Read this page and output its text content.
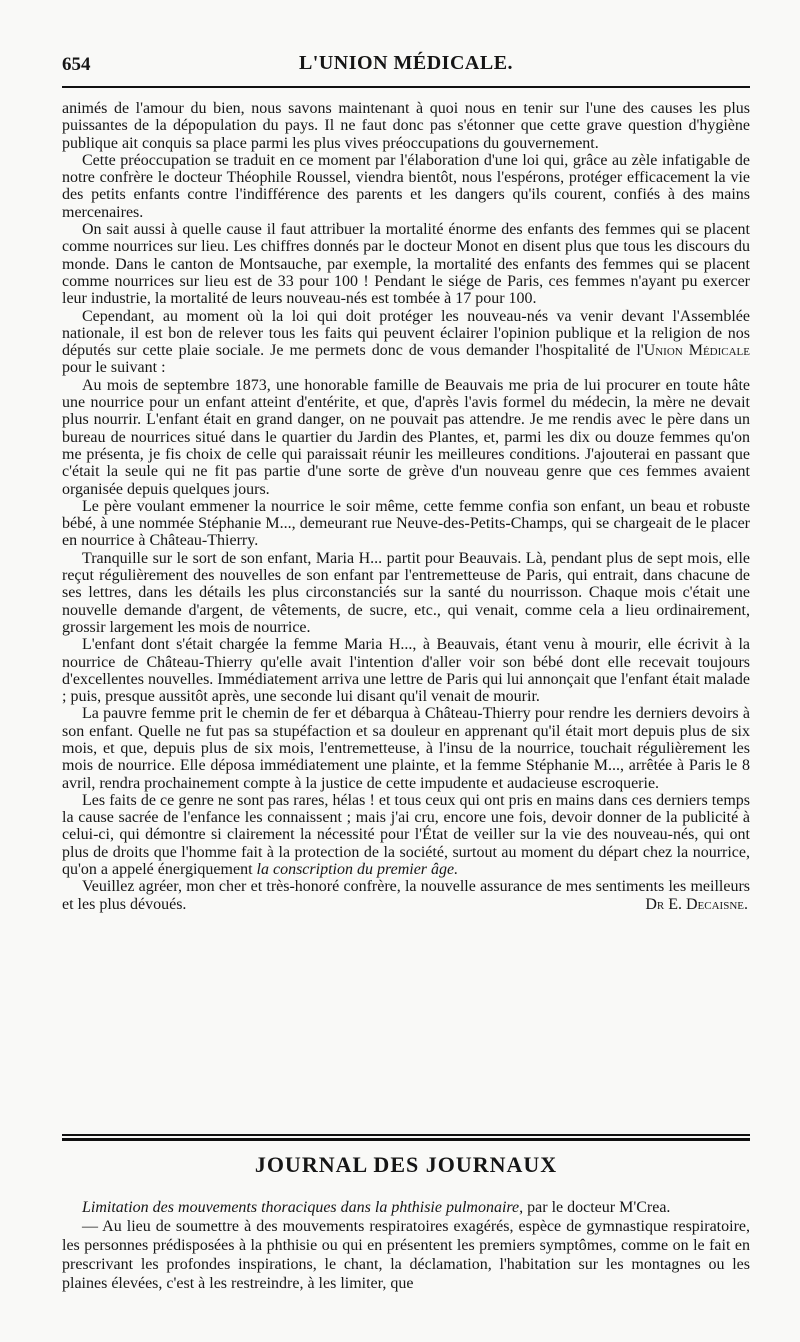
654	L'UNION MÉDICALE.

animés de l'amour du bien, nous savons maintenant à quoi nous en tenir sur l'une des causes les plus puissantes de la dépopulation du pays. Il ne faut donc pas s'étonner que cette grave question d'hygiène publique ait conquis sa place parmi les plus vives préoccupations du gouvernement.

Cette préoccupation se traduit en ce moment par l'élaboration d'une loi qui, grâce au zèle infatigable de notre confrère le docteur Théophile Roussel, viendra bientôt, nous l'espérons, protéger efficacement la vie des petits enfants contre l'indifférence des parents et les dangers qu'ils courent, confiés à des mains mercenaires.

On sait aussi à quelle cause il faut attribuer la mortalité énorme des enfants des femmes qui se placent comme nourrices sur lieu. Les chiffres donnés par le docteur Monot en disent plus que tous les discours du monde. Dans le canton de Montsauche, par exemple, la mortalité des enfants des femmes qui se placent comme nourrices sur lieu est de 33 pour 100 ! Pendant le siége de Paris, ces femmes n'ayant pu exercer leur industrie, la mortalité de leurs nouveau-nés est tombée à 17 pour 100.

Cependant, au moment où la loi qui doit protéger les nouveau-nés va venir devant l'Assemblée nationale, il est bon de relever tous les faits qui peuvent éclairer l'opinion publique et la religion de nos députés sur cette plaie sociale. Je me permets donc de vous demander l'hospitalité de l'Union Médicale pour le suivant :

Au mois de septembre 1873, une honorable famille de Beauvais me pria de lui procurer en toute hâte une nourrice pour un enfant atteint d'entérite, et que, d'après l'avis formel du médecin, la mère ne devait plus nourrir. L'enfant était en grand danger, on ne pouvait pas attendre. Je me rendis avec le père dans un bureau de nourrices situé dans le quartier du Jardin des Plantes, et, parmi les dix ou douze femmes qu'on me présenta, je fis choix de celle qui paraissait réunir les meilleures conditions. J'ajouterai en passant que c'était la seule qui ne fit pas partie d'une sorte de grève d'un nouveau genre que ces femmes avaient organisée depuis quelques jours.

Le père voulant emmener la nourrice le soir même, cette femme confia son enfant, un beau et robuste bébé, à une nommée Stéphanie M..., demeurant rue Neuve-des-Petits-Champs, qui se chargeait de le placer en nourrice à Château-Thierry.

Tranquille sur le sort de son enfant, Maria H... partit pour Beauvais. Là, pendant plus de sept mois, elle reçut régulièrement des nouvelles de son enfant par l'entremetteuse de Paris, qui entrait, dans chacune de ses lettres, dans les détails les plus circonstanciés sur la santé du nourrisson. Chaque mois c'était une nouvelle demande d'argent, de vêtements, de sucre, etc., qui venait, comme cela a lieu ordinairement, grossir largement les mois de nourrice.

L'enfant dont s'était chargée la femme Maria H..., à Beauvais, étant venu à mourir, elle écrivit à la nourrice de Château-Thierry qu'elle avait l'intention d'aller voir son bébé dont elle recevait toujours d'excellentes nouvelles. Immédiatement arriva une lettre de Paris qui lui annonçait que l'enfant était malade ; puis, presque aussitôt après, une seconde lui disant qu'il venait de mourir.

La pauvre femme prit le chemin de fer et débarqua à Château-Thierry pour rendre les derniers devoirs à son enfant. Quelle ne fut pas sa stupéfaction et sa douleur en apprenant qu'il était mort depuis plus de six mois, et que, depuis plus de six mois, l'entremetteuse, à l'insu de la nourrice, touchait régulièrement les mois de nourrice. Elle déposa immédiatement une plainte, et la femme Stéphanie M..., arrêtée à Paris le 8 avril, rendra prochainement compte à la justice de cette impudente et audacieuse escroquerie.

Les faits de ce genre ne sont pas rares, hélas ! et tous ceux qui ont pris en mains dans ces derniers temps la cause sacrée de l'enfance les connaissent ; mais j'ai cru, encore une fois, devoir donner de la publicité à celui-ci, qui démontre si clairement la nécessité pour l'État de veiller sur la vie des nouveau-nés, qui ont plus de droits que l'homme fait à la protection de la société, surtout au moment du départ chez la nourrice, qu'on a appelé énergiquement la conscription du premier âge.

Veuillez agréer, mon cher et très-honoré confrère, la nouvelle assurance de mes sentiments les meilleurs et les plus dévoués.	Dr E. Decaisne.
JOURNAL DES JOURNAUX

Limitation des mouvements thoraciques dans la phthisie pulmonaire, par le docteur M'Crea.

— Au lieu de soumettre à des mouvements respiratoires exagérés, espèce de gymnastique respiratoire, les personnes prédisposées à la phthisie ou qui en présentent les premiers symptômes, comme on le fait en prescrivant les profondes inspirations, le chant, la déclamation, l'habitation sur les montagnes ou les plaines élevées, c'est à les restreindre, à les limiter, que
